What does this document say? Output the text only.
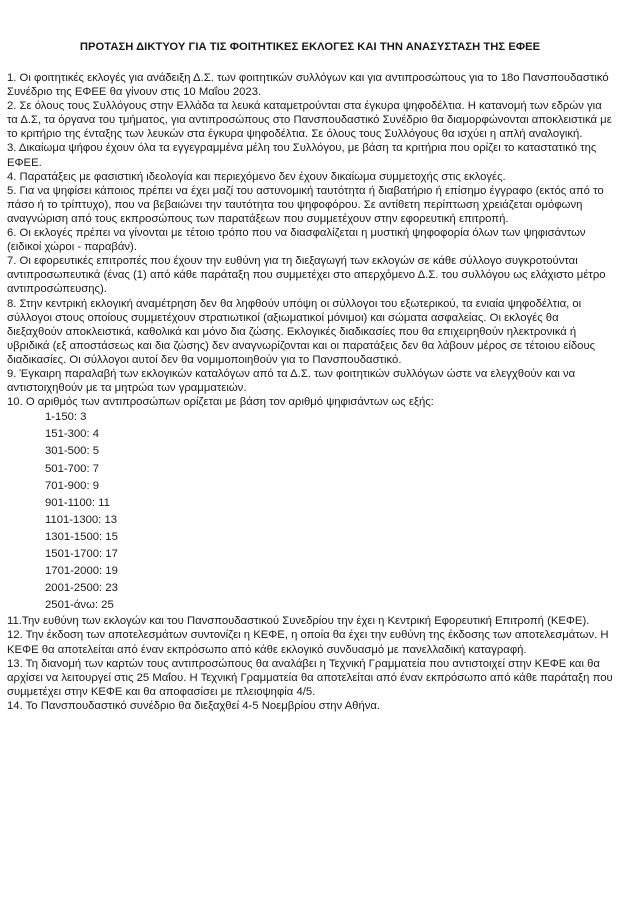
ΠΡΟΤΑΣΗ ΔΙΚΤΥΟΥ ΓΙΑ ΤΙΣ ΦΟΙΤΗΤΙΚΕΣ ΕΚΛΟΓΕΣ ΚΑΙ ΤΗΝ ΑΝΑΣΥΣΤΑΣΗ ΤΗΣ ΕΦΕΕ

1. Οι φοιτητικές εκλογές για ανάδειξη Δ.Σ. των φοιτητικών συλλόγων και για αντιπροσώπους για το 18ο Πανσπουδαστικό Συνέδριο της ΕΦΕΕ θα γίνουν στις 10 Μαΐου 2023.

2. Σε όλους τους Συλλόγους στην Ελλάδα τα λευκά καταμετρούνται στα έγκυρα ψηφοδέλτια. Η κατανομή των εδρών για τα Δ.Σ, τα όργανα του τμήματος, για αντιπροσώπους στο Πανσπουδαστικό Συνέδριο θα διαμορφώνονται αποκλειστικά με το κριτήριο της ένταξης των λευκών στα έγκυρα ψηφοδέλτια. Σε όλους τους Συλλόγους θα ισχύει η απλή αναλογική.

3. Δικαίωμα ψήφου έχουν όλα τα εγγεγραμμένα μέλη του Συλλόγου, με βάση τα κριτήρια που ορίζει το καταστατικό της ΕΦΕΕ.

4. Παρατάξεις με φασιστική ιδεολογία και περιεχόμενο δεν έχουν δικαίωμα συμμετοχής στις εκλογές.

5. Για να ψηφίσει κάποιος πρέπει να έχει μαζί του αστυνομική ταυτότητα ή διαβατήριο ή επίσημο έγγραφο (εκτός από το πάσο ή το τρίπτυχο), που να βεβαιώνει την ταυτότητα του ψηφοφόρου. Σε αντίθετη περίπτωση χρειάζεται ομόφωνη αναγνώριση από τους εκπροσώπους των παρατάξεων που συμμετέχουν στην εφορευτική επιτροπή.

6. Οι εκλογές πρέπει να γίνονται με τέτοιο τρόπο που να διασφαλίζεται η μυστική ψηφοφορία όλων των ψηφισάντων (ειδικοί χώροι - παραβάν).

7. Οι εφορευτικές επιτροπές που έχουν την ευθύνη για τη διεξαγωγή των εκλογών σε κάθε σύλλογο συγκροτούνται αντιπροσωπευτικά (ένας (1) από κάθε παράταξη που συμμετέχει στο απερχόμενο Δ.Σ. του συλλόγου ως ελάχιστο μέτρο αντιπροσώπευσης).

8. Στην κεντρική εκλογική αναμέτρηση δεν θα ληφθούν υπόψη οι σύλλογοι του εξωτερικού, τα ενιαία ψηφοδέλτια, οι σύλλογοι στους οποίους συμμετέχουν στρατιωτικοί (αξιωματικοί μόνιμοι) και σώματα ασφαλείας. Οι εκλογές θα διεξαχθούν αποκλειστικά, καθολικά και μόνο δια ζώσης. Εκλογικές διαδικασίες που θα επιχειρηθούν ηλεκτρονικά ή υβριδικά (εξ αποστάσεως και δια ζώσης) δεν αναγνωρίζονται και οι παρατάξεις δεν θα λάβουν μέρος σε τέτοιου είδους διαδικασίες. Οι σύλλογοι αυτοί δεν θα νομιμοποιηθούν για το Πανσπουδαστικό.

9. Έγκαιρη παραλαβή των εκλογικών καταλόγων από τα Δ.Σ. των φοιτητικών συλλόγων ώστε να ελεγχθούν και να αντιστοιχηθούν με τα μητρώα των γραμματειών.

10. Ο αριθμός των αντιπροσώπων ορίζεται με βάση τον αριθμό ψηφισάντων ως εξής:

1-150: 3
151-300: 4
301-500: 5
501-700: 7
701-900: 9
901-1100: 11
1101-1300: 13
1301-1500: 15
1501-1700: 17
1701-2000: 19
2001-2500: 23
2501-άνω: 25

11.Την ευθύνη των εκλογών και του Πανσπουδαστικού Συνεδρίου την έχει η Κεντρική Εφορευτική Επιτροπή (ΚΕΦΕ).

12. Την έκδοση των αποτελεσμάτων συντονίζει η ΚΕΦΕ, η οποία θα έχει την ευθύνη της έκδοσης των αποτελεσμάτων. Η ΚΕΦΕ θα αποτελείται από έναν εκπρόσωπο από κάθε εκλογικό συνδυασμό με πανελλαδική καταγραφή.

13. Τη διανομή των καρτών τους αντιπροσώπους θα αναλάβει η Τεχνική Γραμματεία που αντιστοιχεί στην ΚΕΦΕ και θα αρχίσει να λειτουργεί στις 25 Μαΐου. Η Τεχνική Γραμματεία θα αποτελείται από έναν εκπρόσωπο από κάθε παράταξη που συμμετέχει στην ΚΕΦΕ και θα αποφασίσει με πλειοψηφία 4/5.

14. Το Πανσπουδαστικό συνέδριο θα διεξαχθεί 4-5 Νοεμβρίου στην Αθήνα.
